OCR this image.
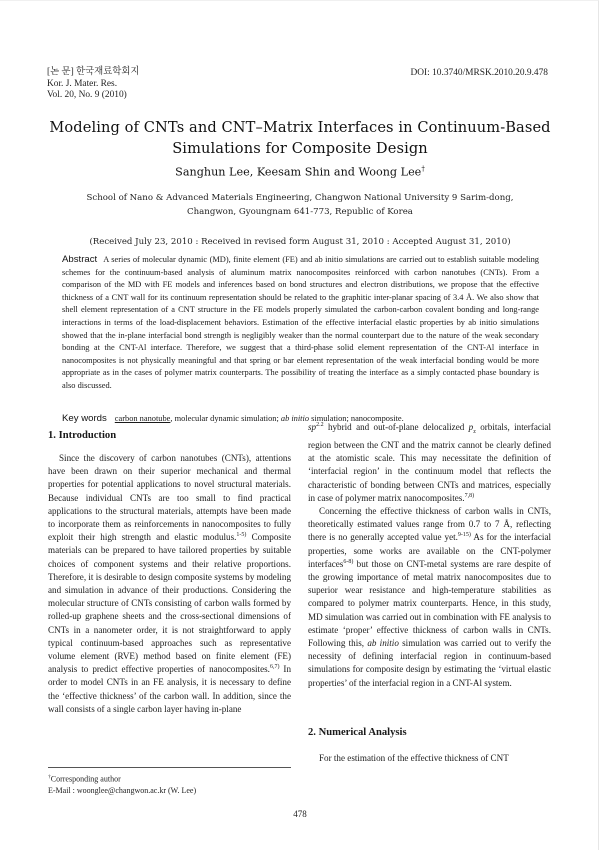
[논 문] 한국재료학회지
Kor. J. Mater. Res.
Vol. 20, No. 9 (2010)
DOI: 10.3740/MRSK.2010.20.9.478
Modeling of CNTs and CNT–Matrix Interfaces in Continuum-Based
Simulations for Composite Design
Sanghun Lee, Keesam Shin and Woong Lee†
School of Nano & Advanced Materials Engineering, Changwon National University 9 Sarim-dong,
Changwon, Gyoungnam 641-773, Republic of Korea
(Received July 23, 2010 : Received in revised form August 31, 2010 : Accepted August 31, 2010)
Abstract A series of molecular dynamic (MD), finite element (FE) and ab initio simulations are carried out to establish suitable modeling schemes for the continuum-based analysis of aluminum matrix nanocomposites reinforced with carbon nanotubes (CNTs). From a comparison of the MD with FE models and inferences based on bond structures and electron distributions, we propose that the effective thickness of a CNT wall for its continuum representation should be related to the graphitic inter-planar spacing of 3.4 Å. We also show that shell element representation of a CNT structure in the FE models properly simulated the carbon-carbon covalent bonding and long-range interactions in terms of the load-displacement behaviors. Estimation of the effective interfacial elastic properties by ab initio simulations showed that the in-plane interfacial bond strength is negligibly weaker than the normal counterpart due to the nature of the weak secondary bonding at the CNT-Al interface. Therefore, we suggest that a third-phase solid element representation of the CNT-Al interface in nanocomposites is not physically meaningful and that spring or bar element representation of the weak interfacial bonding would be more appropriate as in the cases of polymer matrix counterparts. The possibility of treating the interface as a simply contacted phase boundary is also discussed.
Key words carbon nanotube, molecular dynamic simulation; ab initio simulation; nanocomposite.

1. Introduction

Since the discovery of carbon nanotubes (CNTs), attentions have been drawn on their superior mechanical and thermal properties for potential applications to novel structural materials. Because individual CNTs are too small to find practical applications to the structural materials, attempts have been made to incorporate them as reinforcements in nanocomposites to fully exploit their high strength and elastic modulus.$^{1-5)}$ Composite materials can be prepared to have tailored properties by suitable choices of component systems and their relative proportions. Therefore, it is desirable to design composite systems by modeling and simulation in advance of their productions. Considering the molecular structure of CNTs consisting of carbon walls formed by rolled-up graphene sheets and the cross-sectional dimensions of CNTs in a nanometer order, it is not straightforward to apply typical continuum-based approaches such as representative volume element (RVE) method based on finite element (FE) analysis to predict effective properties of nanocomposites.$^{6,7)}$ In order to model CNTs in an FE analysis, it is necessary to define the ‘effective thickness’ of the carbon wall. In addition, since the wall consists of a single carbon layer having in-plane

$sp^{2.2}$ hybrid and out-of-plane delocalized $p_z$ orbitals, interfacial region between the CNT and the matrix cannot be clearly defined at the atomistic scale. This may necessitate the definition of ‘interfacial region’ in the continuum model that reflects the characteristic of bonding between CNTs and matrices, especially in case of polymer matrix nanocomposites.$^{7,8)}$

Concerning the effective thickness of carbon walls in CNTs, theoretically estimated values range from 0.7 to 7 Å, reflecting there is no generally accepted value yet.$^{9-15)}$ As for the interfacial properties, some works are available on the CNT-polymer interfaces$^{6-8)}$ but those on CNT-metal systems are rare despite of the growing importance of metal matrix nanocomposites due to superior wear resistance and high-temperature stabilities as compared to polymer matrix counterparts. Hence, in this study, MD simulation was carried out in combination with FE analysis to estimate ‘proper’ effective thickness of carbon walls in CNTs. Following this, ab initio simulation was carried out to verify the necessity of defining interfacial region in continuum-based simulations for composite design by estimating the ‘virtual elastic properties’ of the interfacial region in a CNT-Al system.

2. Numerical Analysis

For the estimation of the effective thickness of CNT

†Corresponding author
E-Mail : woonglee@changwon.ac.kr (W. Lee)
478
